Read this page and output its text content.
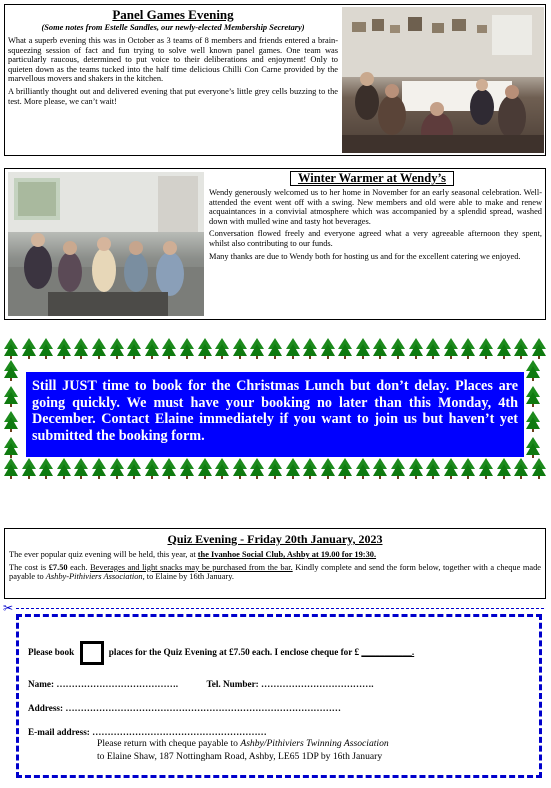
Panel Games Evening
(Some notes from Estelle Sandles, our newly-elected Membership Secretary)

What a superb evening this was in October as 3 teams of 8 members and friends entered a brain-squeezing session of fact and fun trying to solve well known panel games. One team was particularly raucous, determined to put voice to their deliberations and enjoyment! Only to quieten down as the teams tucked into the half time delicious Chilli Con Carne provided by the marvellous movers and shakers in the kitchen.

A brilliantly thought out and delivered evening that put everyone’s little grey cells buzzing to the test. More please, we can’t wait!

Winter Warmer at Wendy’s

Wendy generously welcomed us to her home in November for an early seasonal celebration. Well-attended the event went off with a swing. New members and old were able to make and renew acquaintances in a convivial atmosphere which was accompanied by a splendid spread, washed down with mulled wine and tasty hot beverages.

Conversation flowed freely and everyone agreed what a very agreeable afternoon they spent, whilst also contributing to our funds.

Many thanks are due to Wendy both for hosting us and for the excellent catering we enjoyed.

Still JUST time to book for the Christmas Lunch but don’t delay. Places are going quickly. We must have your booking no later than this Monday, 4th December. Contact Elaine immediately if you want to join us but haven’t yet submitted the booking form.
Quiz Evening - Friday 20th January, 2023

The ever popular quiz evening will be held, this year, at the Ivanhoe Social Club, Ashby at 19.00 for 19:30.

The cost is £7.50 each. Beverages and light snacks may be purchased from the bar. Kindly complete and send the form below, together with a cheque made payable to Ashby-Pithiviers Association, to Elaine by 16th January.

✂
Please book	places for the Quiz Evening at £7.50 each. I enclose cheque for £ ___________.
Name: ………………………………….	Tel. Number: ……………………………….
Address: ………………………………………………………………………………
E-mail address: …………………………………………………
Please return with cheque payable to Ashby/Pithiviers Twinning Association
to Elaine Shaw, 187 Nottingham Road, Ashby, LE65 1DP by 16th January
